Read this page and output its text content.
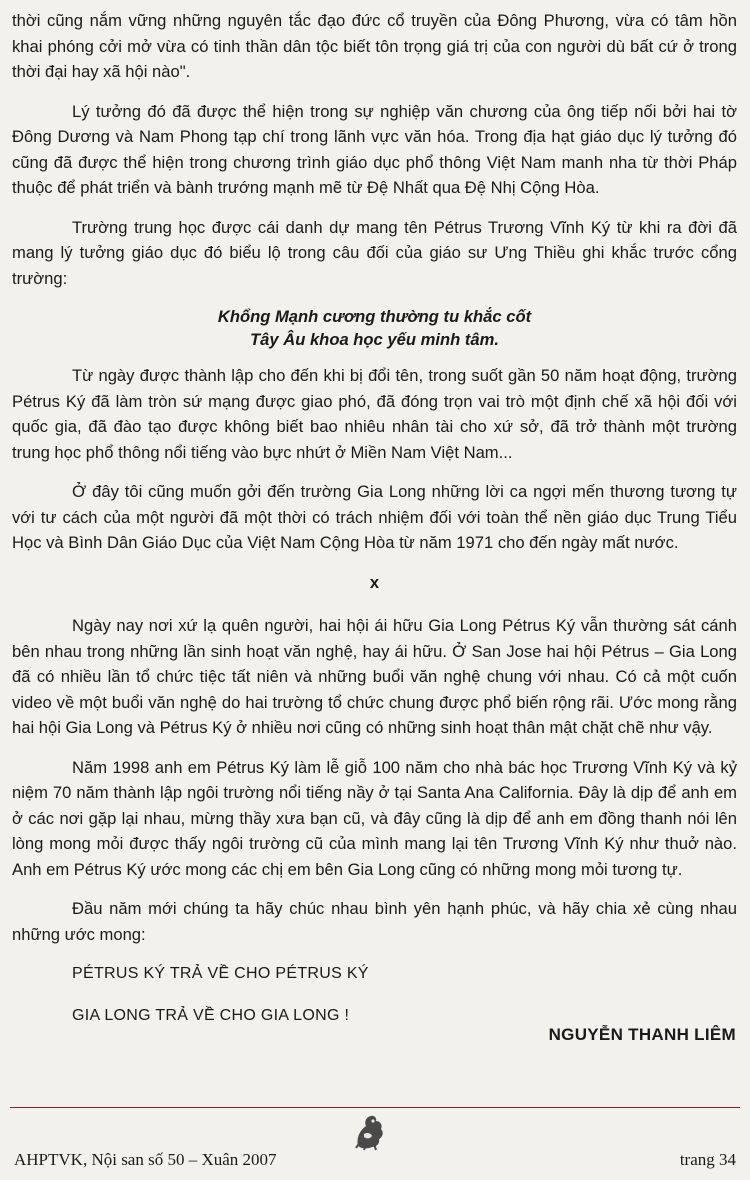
thời cũng nắm vững những nguyên tắc đạo đức cổ truyền của Đông Phương, vừa có tâm hồn khai phóng cởi mở vừa có tinh thần dân tộc biết tôn trọng giá trị của con người dù bất cứ ở trong thời đại hay xã hội nào".

Lý tưởng đó đã được thể hiện trong sự nghiệp văn chương của ông tiếp nối bởi hai tờ Đông Dương và Nam Phong tạp chí trong lãnh vực văn hóa. Trong địa hạt giáo dục lý tưởng đó cũng đã được thể hiện trong chương trình giáo dục phổ thông Việt Nam manh nha từ thời Pháp thuộc để phát triển và bành trướng mạnh mẽ từ Đệ Nhất qua Đệ Nhị Cộng Hòa.

Trường trung học được cái danh dự mang tên Pétrus Trương Vĩnh Ký từ khi ra đời đã mang lý tưởng giáo dục đó biểu lộ trong câu đối của giáo sư Ưng Thiều ghi khắc trước cổng trường:

Khổng Mạnh cương thường tu khắc cốt
Tây Âu khoa học yếu minh tâm.

Từ ngày được thành lập cho đến khi bị đổi tên, trong suốt gần 50 năm hoạt động, trường Pétrus Ký đã làm tròn sứ mạng được giao phó, đã đóng trọn vai trò một định chế xã hội đối với quốc gia, đã đào tạo được không biết bao nhiêu nhân tài cho xứ sở, đã trở thành một trường trung học phổ thông nổi tiếng vào bực nhứt ở Miền Nam Việt Nam...

Ở đây tôi cũng muốn gởi đến trường Gia Long những lời ca ngợi mến thương tương tự với tư cách của một người đã một thời có trách nhiệm đối với toàn thể nền giáo dục Trung Tiểu Học và Bình Dân Giáo Dục của Việt Nam Cộng Hòa từ năm 1971 cho đến ngày mất nước.

x

Ngày nay nơi xứ lạ quên người, hai hội ái hữu Gia Long Pétrus Ký vẫn thường sát cánh bên nhau trong những lần sinh hoạt văn nghệ, hay ái hữu. Ở San Jose hai hội Pétrus – Gia Long đã có nhiều lần tổ chức tiệc tất niên và những buổi văn nghệ chung với nhau. Có cả một cuốn video về một buổi văn nghệ do hai trường tổ chức chung được phổ biến rộng rãi. Ước mong rằng hai hội Gia Long và Pétrus Ký ở nhiều nơi cũng có những sinh hoạt thân mật chặt chẽ như vậy.

Năm 1998 anh em Pétrus Ký làm lễ giỗ 100 năm cho nhà bác học Trương Vĩnh Ký và kỷ niệm 70 năm thành lập ngôi trường nổi tiếng nầy ở tại Santa Ana California. Đây là dịp để anh em ở các nơi gặp lại nhau, mừng thầy xưa bạn cũ, và đây cũng là dịp để anh em đồng thanh nói lên lòng mong mỏi được thấy ngôi trường cũ của mình mang lại tên Trương Vĩnh Ký như thuở nào. Anh em Pétrus Ký ước mong các chị em bên Gia Long cũng có những mong mỏi tương tự.

Đầu năm mới chúng ta hãy chúc nhau bình yên hạnh phúc, và hãy chia xẻ cùng nhau những ước mong:

PÉTRUS KÝ TRẢ VỀ CHO PÉTRUS KÝ
GIA LONG TRẢ VỀ CHO GIA LONG !
NGUYỄN THANH LIÊM
AHPTVK, Nội san số 50 – Xuân 2007	trang 34
